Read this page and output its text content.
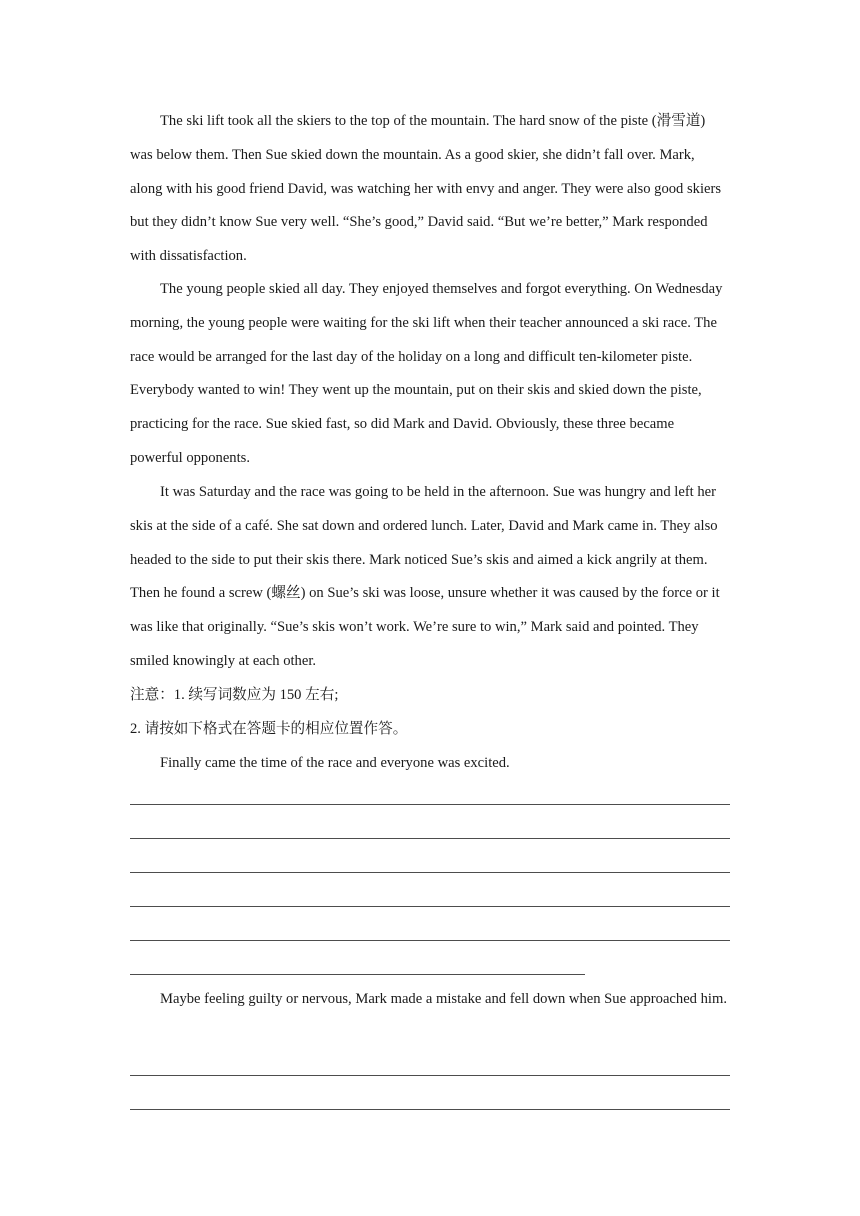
The ski lift took all the skiers to the top of the mountain. The hard snow of the piste (滑雪道) was below them. Then Sue skied down the mountain. As a good skier, she didn’t fall over. Mark, along with his good friend David, was watching her with envy and anger. They were also good skiers but they didn’t know Sue very well. “She’s good,” David said. “But we’re better,” Mark responded with dissatisfaction.

The young people skied all day. They enjoyed themselves and forgot everything. On Wednesday morning, the young people were waiting for the ski lift when their teacher announced a ski race. The race would be arranged for the last day of the holiday on a long and difficult ten-kilometer piste. Everybody wanted to win! They went up the mountain, put on their skis and skied down the piste, practicing for the race. Sue skied fast, so did Mark and David. Obviously, these three became powerful opponents.

It was Saturday and the race was going to be held in the afternoon. Sue was hungry and left her skis at the side of a café. She sat down and ordered lunch. Later, David and Mark came in. They also headed to the side to put their skis there. Mark noticed Sue’s skis and aimed a kick angrily at them. Then he found a screw (螺丝) on Sue’s ski was loose, unsure whether it was caused by the force or it was like that originally. “Sue’s skis won’t work. We’re sure to win,” Mark said and pointed. They smiled knowingly at each other.

注意：1. 续写词数应为 150 左右;
2. 请按如下格式在答题卡的相应位置作答。

Finally came the time of the race and everyone was excited.

Maybe feeling guilty or nervous, Mark made a mistake and fell down when Sue approached him.
